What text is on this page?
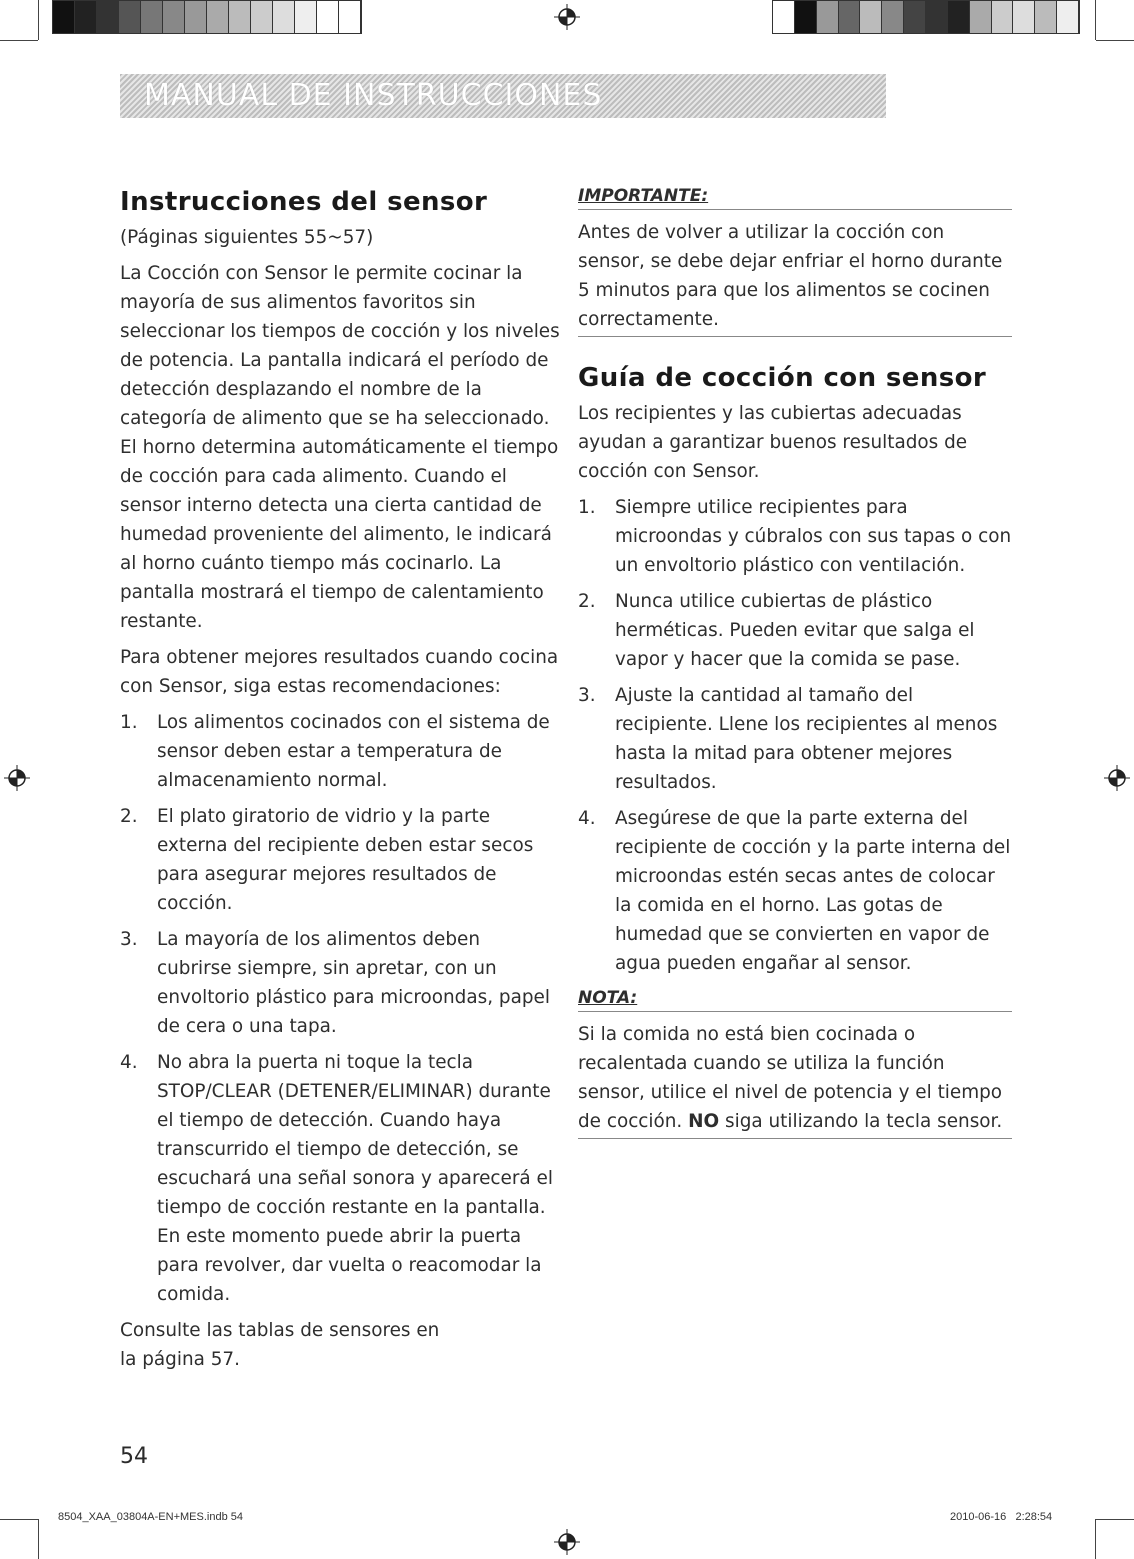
MANUAL DE INSTRUCCIONES
Instrucciones del sensor
(Páginas siguientes 55~57)
La Cocción con Sensor le permite cocinar la mayoría de sus alimentos favoritos sin seleccionar los tiempos de cocción y los niveles de potencia. La pantalla indicará el período de detección desplazando el nombre de la categoría de alimento que se ha seleccionado. El horno determina automáticamente el tiempo de cocción para cada alimento. Cuando el sensor interno detecta una cierta cantidad de humedad proveniente del alimento, le indicará al horno cuánto tiempo más cocinarlo. La pantalla mostrará el tiempo de calentamiento restante.
Para obtener mejores resultados cuando cocina con Sensor, siga estas recomendaciones:
1. Los alimentos cocinados con el sistema de sensor deben estar a temperatura de almacenamiento normal.
2. El plato giratorio de vidrio y la parte externa del recipiente deben estar secos para asegurar mejores resultados de cocción.
3. La mayoría de los alimentos deben cubrirse siempre, sin apretar, con un envoltorio plástico para microondas, papel de cera o una tapa.
4. No abra la puerta ni toque la tecla STOP/CLEAR (DETENER/ELIMINAR) durante el tiempo de detección. Cuando haya transcurrido el tiempo de detección, se escuchará una señal sonora y aparecerá el tiempo de cocción restante en la pantalla. En este momento puede abrir la puerta para revolver, dar vuelta o reacomodar la comida.
Consulte las tablas de sensores en la página 57.
IMPORTANTE:
Antes de volver a utilizar la cocción con sensor, se debe dejar enfriar el horno durante 5 minutos para que los alimentos se cocinen correctamente.
Guía de cocción con sensor
Los recipientes y las cubiertas adecuadas ayudan a garantizar buenos resultados de cocción con Sensor.
1. Siempre utilice recipientes para microondas y cúbralos con sus tapas o con un envoltorio plástico con ventilación.
2. Nunca utilice cubiertas de plástico herméticas. Pueden evitar que salga el vapor y hacer que la comida se pase.
3. Ajuste la cantidad al tamaño del recipiente. Llene los recipientes al menos hasta la mitad para obtener mejores resultados.
4. Asegúrese de que la parte externa del recipiente de cocción y la parte interna del microondas estén secas antes de colocar la comida en el horno. Las gotas de humedad que se convierten en vapor de agua pueden engañar al sensor.
NOTA:
Si la comida no está bien cocinada o recalentada cuando se utiliza la función sensor, utilice el nivel de potencia y el tiempo de cocción. NO siga utilizando la tecla sensor.
54
8504_XAA_03804A-EN+MES.indb 54	2010-06-16 2:28:54
